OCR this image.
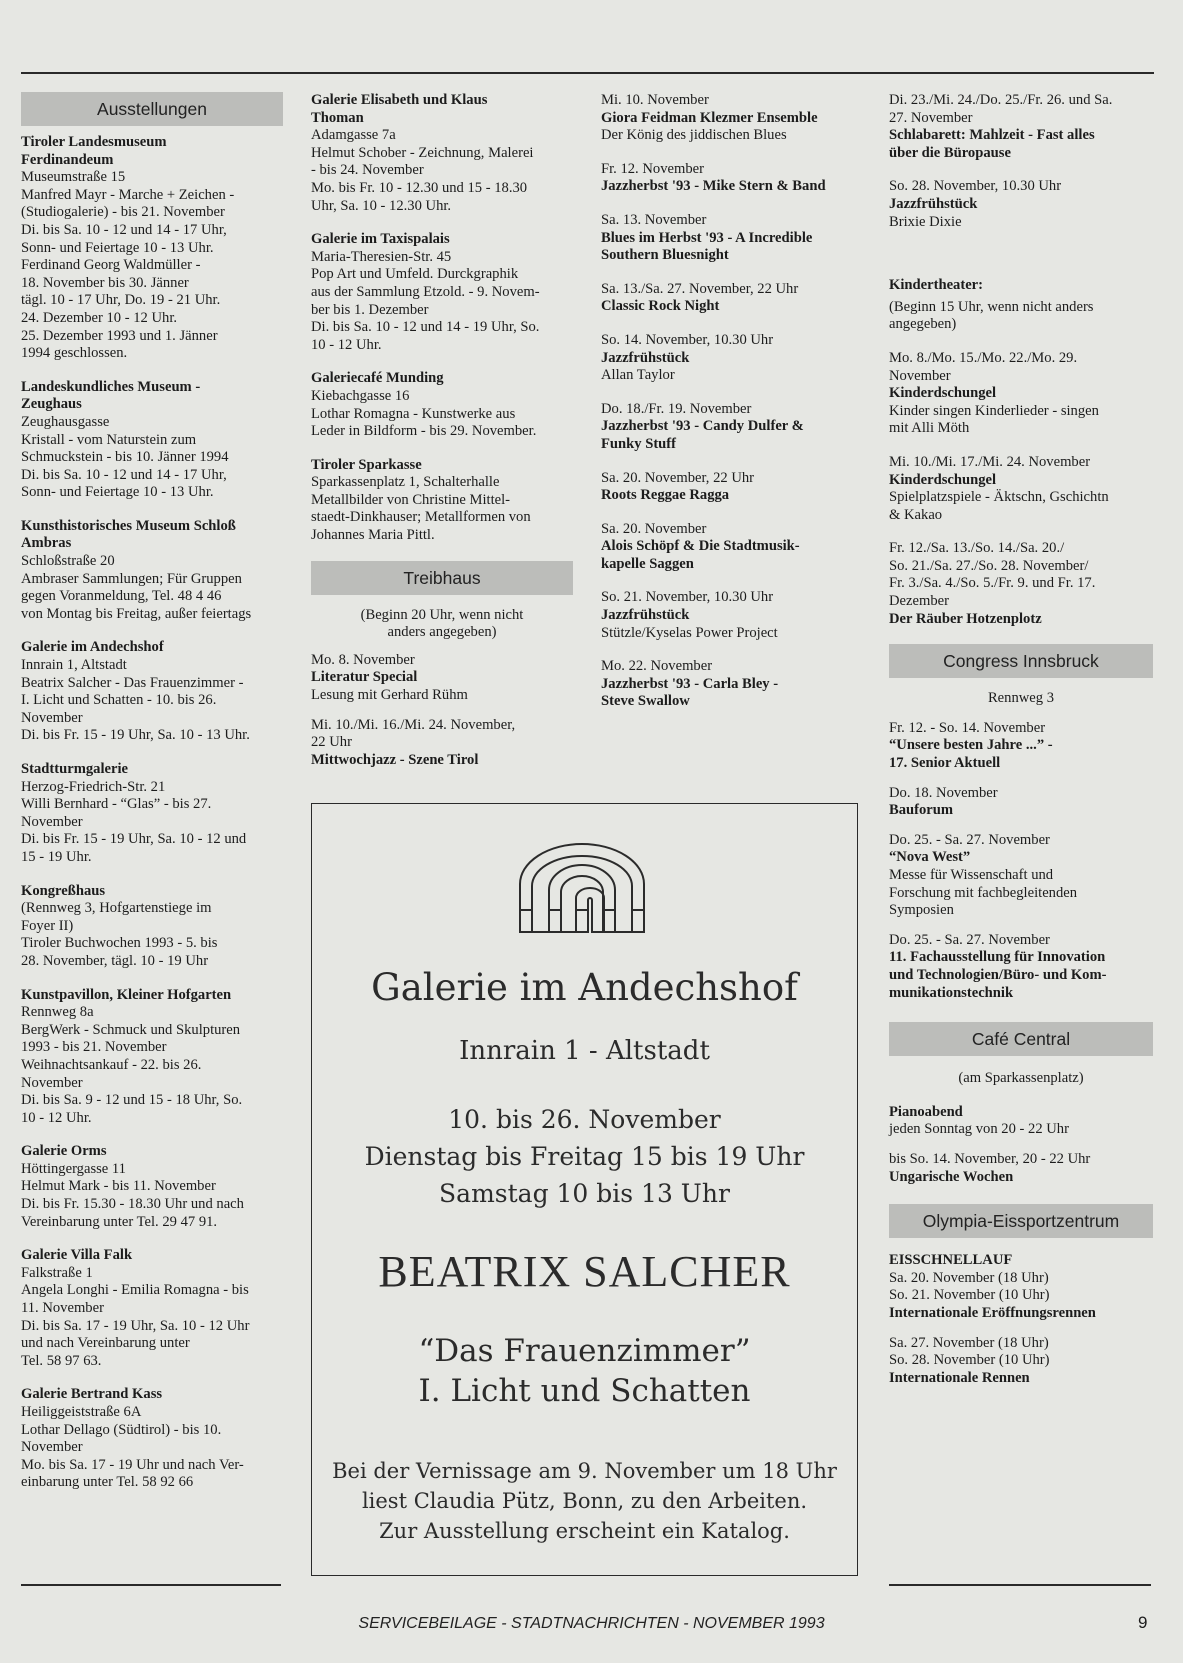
Ausstellungen
Tiroler Landesmuseum
Ferdinandeum
Museumstraße 15
Manfred Mayr - Marche + Zeichen -
(Studiogalerie) - bis 21. November
Di. bis Sa. 10 - 12 und 14 - 17 Uhr,
Sonn- und Feiertage 10 - 13 Uhr.
Ferdinand Georg Waldmüller -
18. November bis 30. Jänner
tägl. 10 - 17 Uhr, Do. 19 - 21 Uhr.
24. Dezember 10 - 12 Uhr.
25. Dezember 1993 und 1. Jänner
1994 geschlossen.
Landeskundliches Museum -
Zeughaus
Zeughausgasse
Kristall - vom Naturstein zum
Schmuckstein - bis 10. Jänner 1994
Di. bis Sa. 10 - 12 und 14 - 17 Uhr,
Sonn- und Feiertage 10 - 13 Uhr.
Kunsthistorisches Museum Schloß
Ambras
Schloßstraße 20
Ambraser Sammlungen; Für Gruppen
gegen Voranmeldung, Tel. 48 4 46
von Montag bis Freitag, außer feiertags
Galerie im Andechshof
Innrain 1, Altstadt
Beatrix Salcher - Das Frauenzimmer -
I. Licht und Schatten - 10. bis 26.
November
Di. bis Fr. 15 - 19 Uhr, Sa. 10 - 13 Uhr.
Stadtturmgalerie
Herzog-Friedrich-Str. 21
Willi Bernhard - “Glas” - bis 27.
November
Di. bis Fr. 15 - 19 Uhr, Sa. 10 - 12 und
15 - 19 Uhr.
Kongreßhaus
(Rennweg 3, Hofgartenstiege im
Foyer II)
Tiroler Buchwochen 1993 - 5. bis
28. November, tägl. 10 - 19 Uhr
Kunstpavillon, Kleiner Hofgarten
Rennweg 8a
BergWerk - Schmuck und Skulpturen
1993 - bis 21. November
Weihnachtsankauf - 22. bis 26.
November
Di. bis Sa. 9 - 12 und 15 - 18 Uhr, So.
10 - 12 Uhr.
Galerie Orms
Höttingergasse 11
Helmut Mark - bis 11. November
Di. bis Fr. 15.30 - 18.30 Uhr und nach
Vereinbarung unter Tel. 29 47 91.
Galerie Villa Falk
Falkstraße 1
Angela Longhi - Emilia Romagna - bis
11. November
Di. bis Sa. 17 - 19 Uhr, Sa. 10 - 12 Uhr
und nach Vereinbarung unter
Tel. 58 97 63.
Galerie Bertrand Kass
Heiliggeiststraße 6A
Lothar Dellago (Südtirol) - bis 10.
November
Mo. bis Sa. 17 - 19 Uhr und nach Ver-
einbarung unter Tel. 58 92 66
Galerie Elisabeth und Klaus
Thoman
Adamgasse 7a
Helmut Schober - Zeichnung, Malerei
- bis 24. November
Mo. bis Fr. 10 - 12.30 und 15 - 18.30
Uhr, Sa. 10 - 12.30 Uhr.
Galerie im Taxispalais
Maria-Theresien-Str. 45
Pop Art und Umfeld. Durckgraphik
aus der Sammlung Etzold. - 9. Novem-
ber bis 1. Dezember
Di. bis Sa. 10 - 12 und 14 - 19 Uhr, So.
10 - 12 Uhr.
Galeriecafé Munding
Kiebachgasse 16
Lothar Romagna - Kunstwerke aus
Leder in Bildform - bis 29. November.
Tiroler Sparkasse
Sparkassenplatz 1, Schalterhalle
Metallbilder von Christine Mittel-
staedt-Dinkhauser; Metallformen von
Johannes Maria Pittl.
Treibhaus
(Beginn 20 Uhr, wenn nicht
anders angegeben)
Mo. 8. November
Literatur Special
Lesung mit Gerhard Rühm
Mi. 10./Mi. 16./Mi. 24. November,
22 Uhr
Mittwochjazz - Szene Tirol
Mi. 10. November
Giora Feidman Klezmer Ensemble
Der König des jiddischen Blues
Fr. 12. November
Jazzherbst '93 - Mike Stern & Band
Sa. 13. November
Blues im Herbst '93 - A Incredible
Southern Bluesnight
Sa. 13./Sa. 27. November, 22 Uhr
Classic Rock Night
So. 14. November, 10.30 Uhr
Jazzfrühstück
Allan Taylor
Do. 18./Fr. 19. November
Jazzherbst '93 - Candy Dulfer &
Funky Stuff
Sa. 20. November, 22 Uhr
Roots Reggae Ragga
Sa. 20. November
Alois Schöpf & Die Stadtmusik-
kapelle Saggen
So. 21. November, 10.30 Uhr
Jazzfrühstück
Stützle/Kyselas Power Project
Mo. 22. November
Jazzherbst '93 - Carla Bley -
Steve Swallow
Di. 23./Mi. 24./Do. 25./Fr. 26. und Sa.
27. November
Schlabarett: Mahlzeit - Fast alles
über die Büropause
So. 28. November, 10.30 Uhr
Jazzfrühstück
Brixie Dixie
Kindertheater:
(Beginn 15 Uhr, wenn nicht anders
angegeben)
Mo. 8./Mo. 15./Mo. 22./Mo. 29.
November
Kinderdschungel
Kinder singen Kinderlieder - singen
mit Alli Möth
Mi. 10./Mi. 17./Mi. 24. November
Kinderdschungel
Spielplatzspiele - Äktschn, Gschichtn
& Kakao
Fr. 12./Sa. 13./So. 14./Sa. 20./
So. 21./Sa. 27./So. 28. November/
Fr. 3./Sa. 4./So. 5./Fr. 9. und Fr. 17.
Dezember
Der Räuber Hotzenplotz
Congress Innsbruck
Rennweg 3
Fr. 12. - So. 14. November
“Unsere besten Jahre ...” -
17. Senior Aktuell
Do. 18. November
Bauforum
Do. 25. - Sa. 27. November
“Nova West”
Messe für Wissenschaft und
Forschung mit fachbegleitenden
Symposien
Do. 25. - Sa. 27. November
11. Fachausstellung für Innovation
und Technologien/Büro- und Kom-
munikationstechnik
Café Central
(am Sparkassenplatz)
Pianoabend
jeden Sonntag von 20 - 22 Uhr
bis So. 14. November, 20 - 22 Uhr
Ungarische Wochen
Olympia-Eissportzentrum
EISSCHNELLAUF
Sa. 20. November (18 Uhr)
So. 21. November (10 Uhr)
Internationale Eröffnungsrennen
Sa. 27. November (18 Uhr)
So. 28. November (10 Uhr)
Internationale Rennen
Galerie im Andechshof
Innrain 1 - Altstadt
10. bis 26. November
Dienstag bis Freitag 15 bis 19 Uhr
Samstag 10 bis 13 Uhr
BEATRIX SALCHER
“Das Frauenzimmer”
I. Licht und Schatten
Bei der Vernissage am 9. November um 18 Uhr
liest Claudia Pütz, Bonn, zu den Arbeiten.
Zur Ausstellung erscheint ein Katalog.
SERVICEBEILAGE - STADTNACHRICHTEN - NOVEMBER 1993	9
